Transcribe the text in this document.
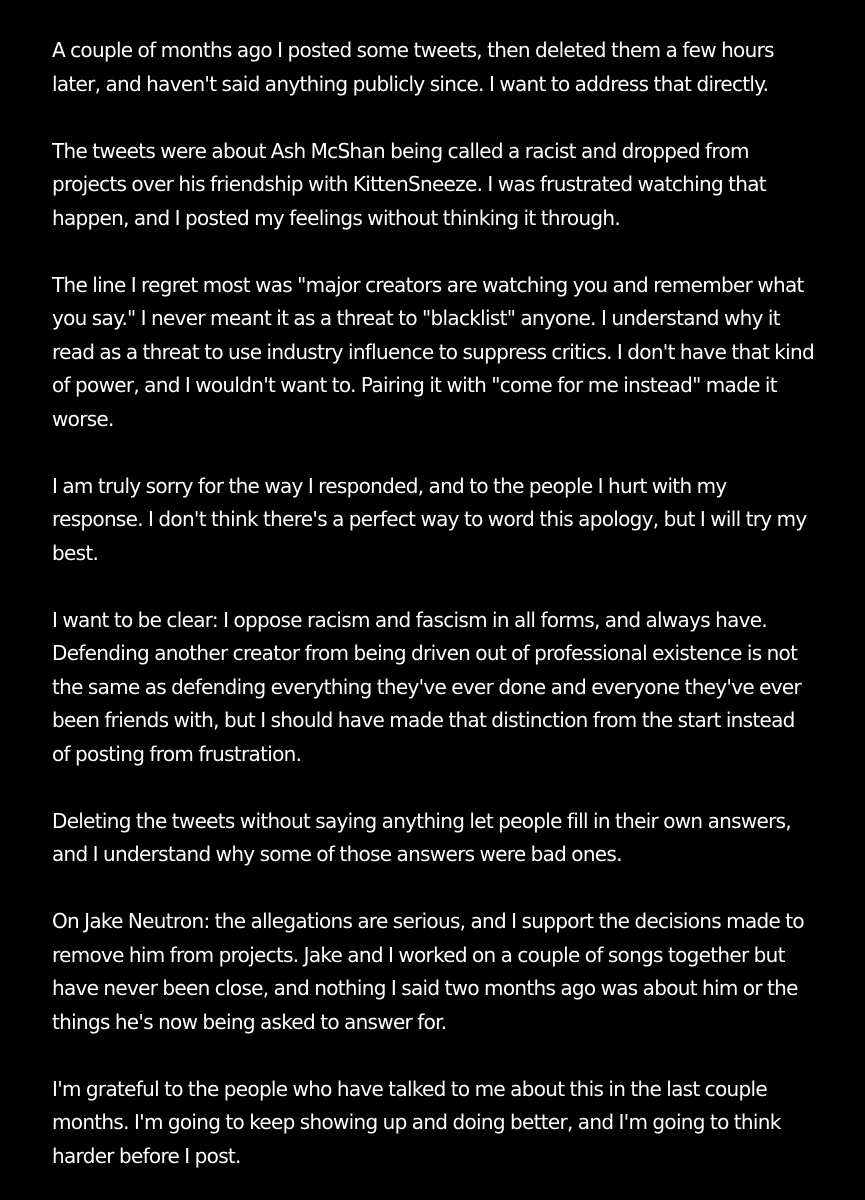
A couple of months ago I posted some tweets, then deleted them a few hours later, and haven't said anything publicly since. I want to address that directly.

The tweets were about Ash McShan being called a racist and dropped from projects over his friendship with KittenSneeze. I was frustrated watching that happen, and I posted my feelings without thinking it through.

The line I regret most was "major creators are watching you and remember what you say." I never meant it as a threat to "blacklist" anyone. I understand why it read as a threat to use industry influence to suppress critics. I don't have that kind of power, and I wouldn't want to. Pairing it with "come for me instead" made it worse.

I am truly sorry for the way I responded, and to the people I hurt with my response. I don't think there's a perfect way to word this apology, but I will try my best.

I want to be clear: I oppose racism and fascism in all forms, and always have. Defending another creator from being driven out of professional existence is not the same as defending everything they've ever done and everyone they've ever been friends with, but I should have made that distinction from the start instead of posting from frustration.

Deleting the tweets without saying anything let people fill in their own answers, and I understand why some of those answers were bad ones.

On Jake Neutron: the allegations are serious, and I support the decisions made to remove him from projects. Jake and I worked on a couple of songs together but have never been close, and nothing I said two months ago was about him or the things he's now being asked to answer for.

I'm grateful to the people who have talked to me about this in the last couple months. I'm going to keep showing up and doing better, and I'm going to think harder before I post.
